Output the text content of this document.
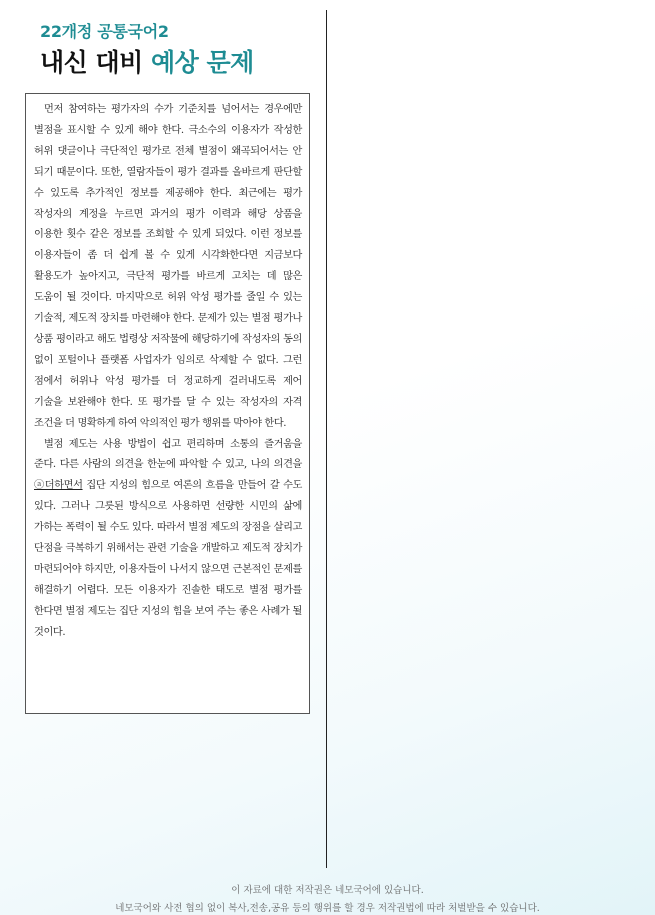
22개정 공통국어2
내신 대비 예상 문제

먼저 참여하는 평가자의 수가 기준치를 넘어서는 경우에만 별점을 표시할 수 있게 해야 한다. 극소수의 이용자가 작성한 허위 댓글이나 극단적인 평가로 전체 별점이 왜곡되어서는 안 되기 때문이다. 또한, 열람자들이 평가 결과를 올바르게 판단할 수 있도록 추가적인 정보를 제공해야 한다. 최근에는 평가 작성자의 계정을 누르면 과거의 평가 이력과 해당 상품을 이용한 횟수 같은 정보를 조회할 수 있게 되었다. 이런 정보를 이용자들이 좀 더 쉽게 볼 수 있게 시각화한다면 지금보다 활용도가 높아지고, 극단적 평가를 바르게 고치는 데 많은 도움이 될 것이다. 마지막으로 허위 악성 평가를 줄일 수 있는 기술적, 제도적 장치를 마련해야 한다. 문제가 있는 별점 평가나 상품 평이라고 해도 법령상 저작물에 해당하기에 작성자의 동의 없이 포털이나 플랫폼 사업자가 임의로 삭제할 수 없다. 그런 점에서 허위나 악성 평가를 더 정교하게 걸러내도록 제어 기술을 보완해야 한다. 또 평가를 달 수 있는 작성자의 자격 조건을 더 명확하게 하여 악의적인 평가 행위를 막아야 한다.

별점 제도는 사용 방법이 쉽고 편리하며 소통의 즐거움을 준다. 다른 사람의 의견을 한눈에 파악할 수 있고, 나의 의견을 ⓐ더하면서 집단 지성의 힘으로 여론의 흐름을 만들어 갈 수도 있다. 그러나 그릇된 방식으로 사용하면 선량한 시민의 삶에 가하는 폭력이 될 수도 있다. 따라서 별점 제도의 장점을 살리고 단점을 극복하기 위해서는 관련 기술을 개발하고 제도적 장치가 마련되어야 하지만, 이용자들이 나서지 않으면 근본적인 문제를 해결하기 어렵다. 모든 이용자가 진솔한 태도로 별점 평가를 한다면 별점 제도는 집단 지성의 힘을 보여 주는 좋은 사례가 될 것이다.

이 자료에 대한 저작권은 네모국어에 있습니다.
네모국어와 사전 협의 없이 복사,전송,공유 등의 행위를 할 경우 저작권법에 따라 처벌받을 수 있습니다.
